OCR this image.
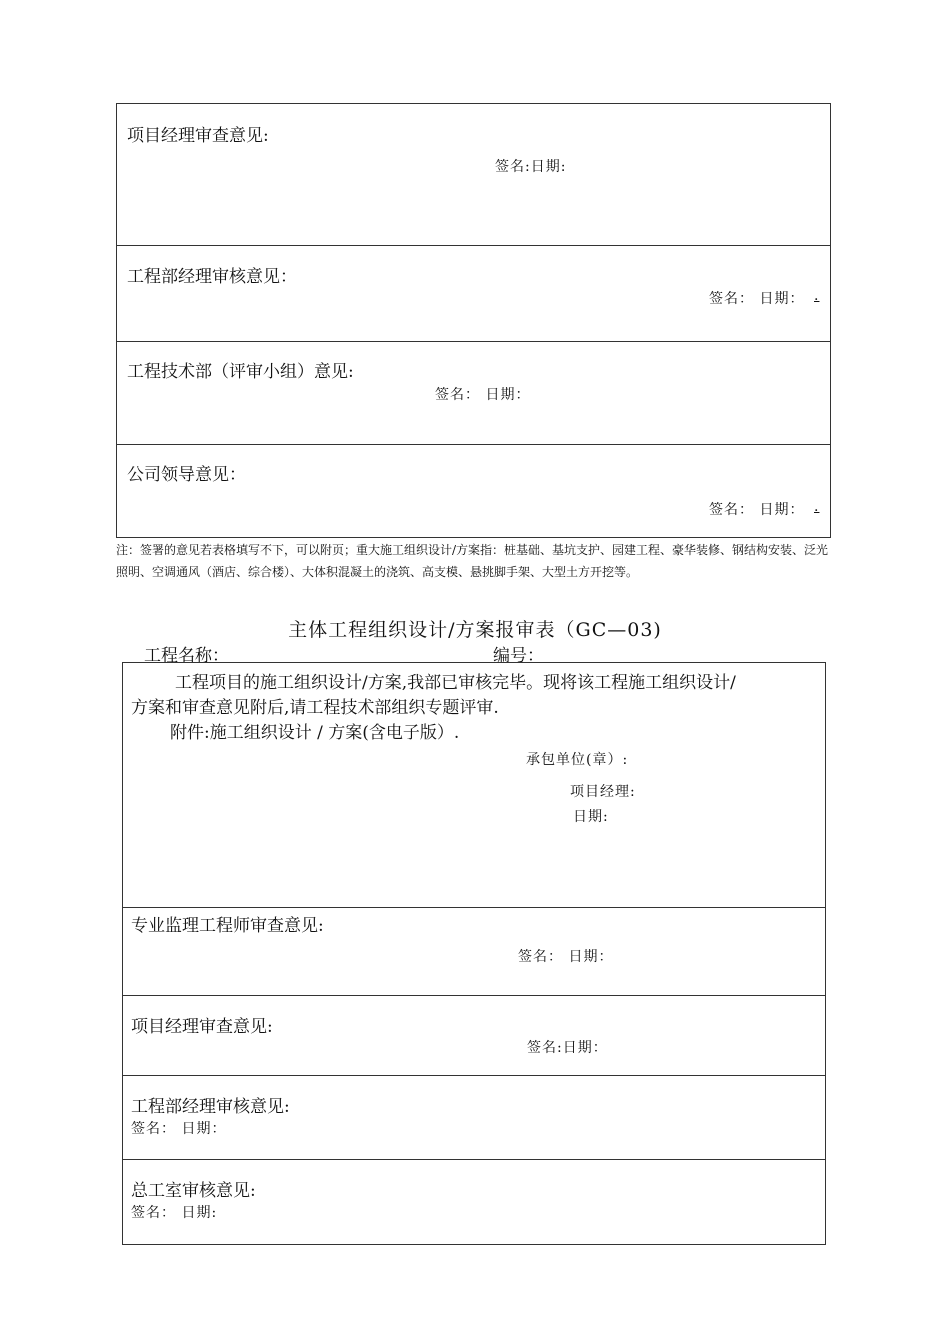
项目经理审查意见:
签名:日期:
工程部经理审核意见：
签名： 日期： .
工程技术部（评审小组）意见:
签名： 日期：
公司领导意见：
签名： 日期： .
注：签署的意见若表格填写不下，可以附页；重大施工组织设计/方案指：桩基础、基坑支护、园建工程、豪华装修、钢结构安装、泛光照明、空调通风（酒店、综合楼）、大体积混凝土的浇筑、高支模、悬挑脚手架、大型土方开挖等。
主体工程组织设计/方案报审表（GC—03)
工程名称：	编号：
工程项目的施工组织设计/方案,我部已审核完毕。现将该工程施工组织设计/
方案和审查意见附后,请工程技术部组织专题评审.
附件:施工组织设计 / 方案(含电子版）.
承包单位(章）:
项目经理:
日期:
专业监理工程师审查意见:
签名： 日期：
项目经理审查意见:
签名:日期：
工程部经理审核意见:
签名： 日期：
总工室审核意见:
签名： 日期:
